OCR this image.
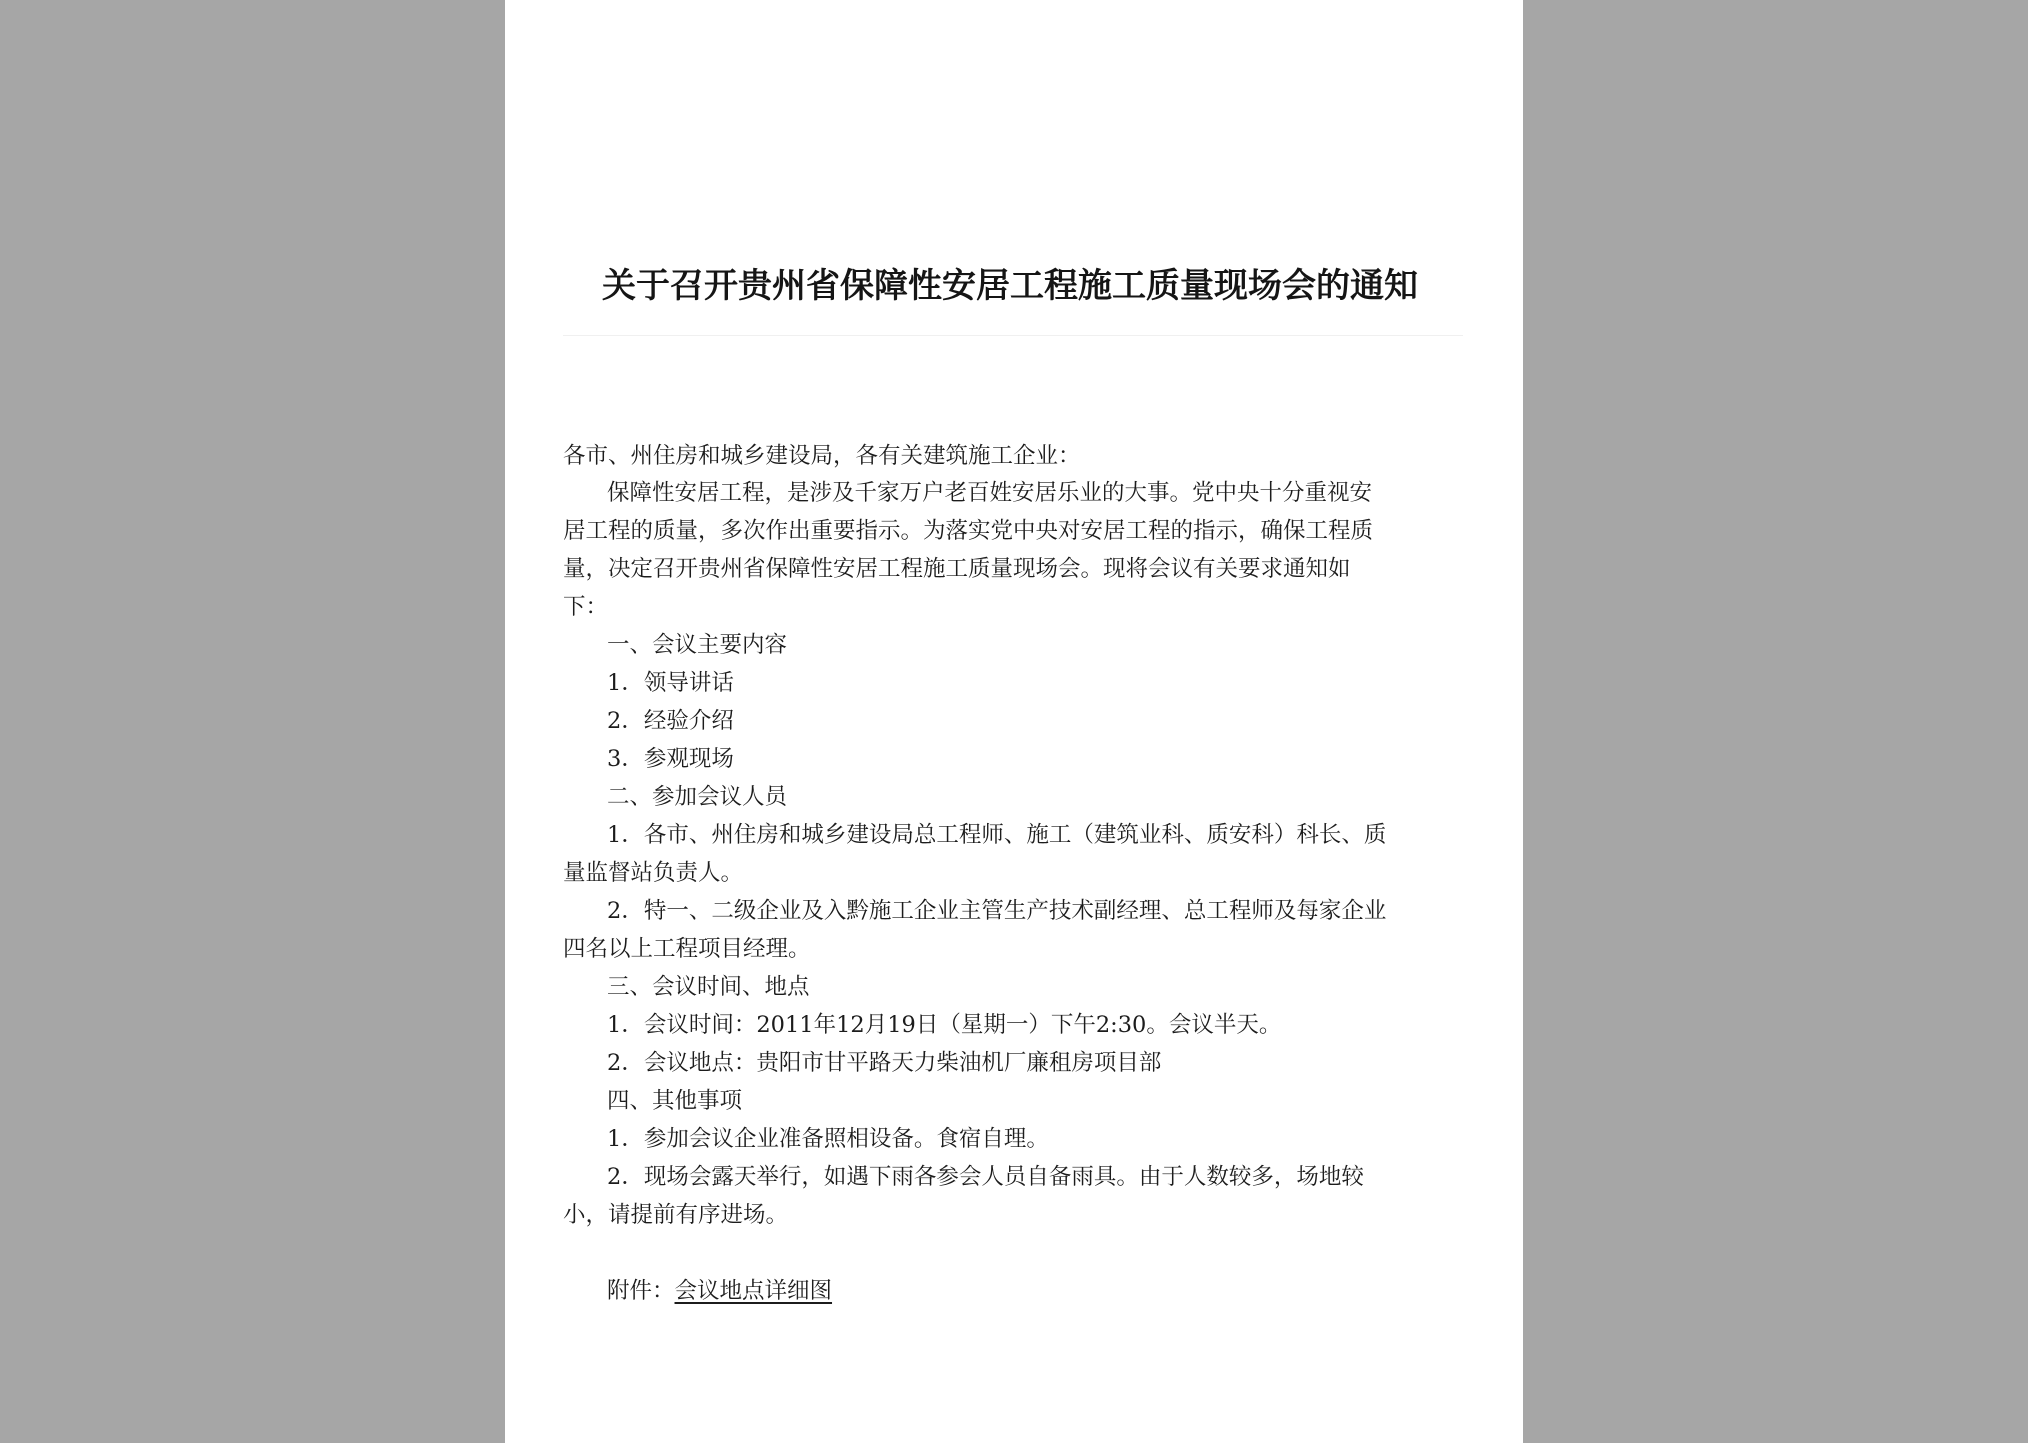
关于召开贵州省保障性安居工程施工质量现场会的通知
各市、州住房和城乡建设局，各有关建筑施工企业：
保障性安居工程，是涉及千家万户老百姓安居乐业的大事。党中央十分重视安
居工程的质量，多次作出重要指示。为落实党中央对安居工程的指示，确保工程质
量，决定召开贵州省保障性安居工程施工质量现场会。现将会议有关要求通知如
下：
一、会议主要内容
1．领导讲话
2．经验介绍
3．参观现场
二、参加会议人员
1．各市、州住房和城乡建设局总工程师、施工（建筑业科、质安科）科长、质
量监督站负责人。
2．特一、二级企业及入黔施工企业主管生产技术副经理、总工程师及每家企业
四名以上工程项目经理。
三、会议时间、地点
1．会议时间：2011年12月19日（星期一）下午2:30。会议半天。
2．会议地点：贵阳市甘平路天力柴油机厂廉租房项目部
四、其他事项
1．参加会议企业准备照相设备。食宿自理。
2．现场会露天举行，如遇下雨各参会人员自备雨具。由于人数较多，场地较
小，请提前有序进场。
附件：会议地点详细图
